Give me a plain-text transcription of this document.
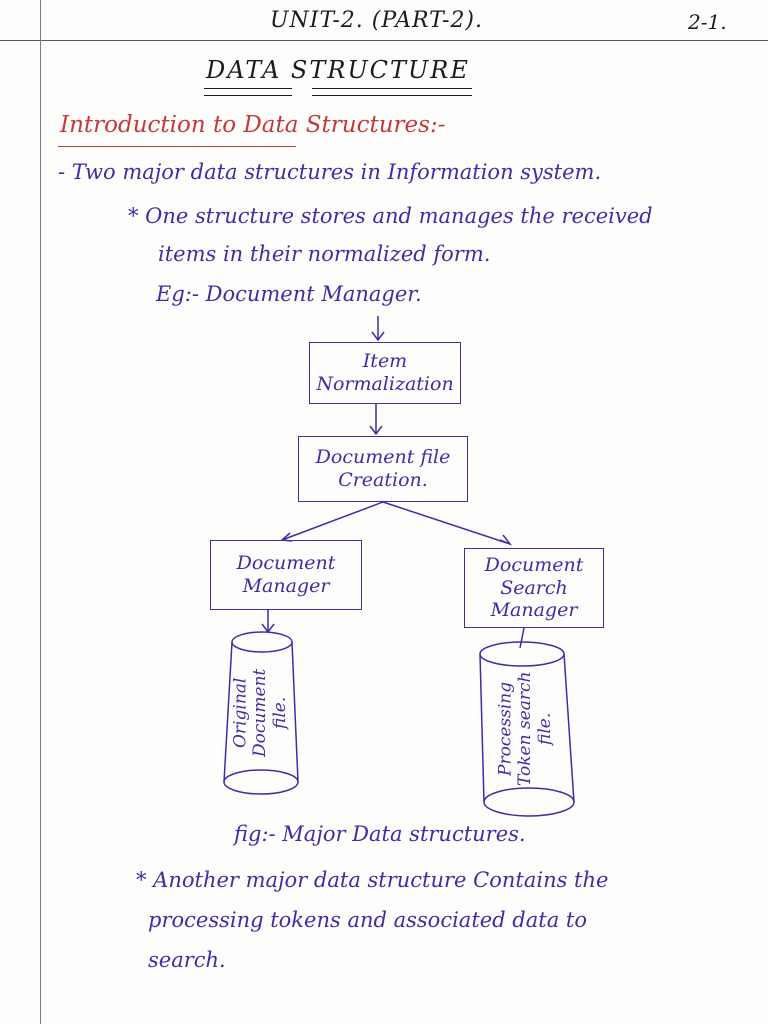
UNIT-2. (PART-2).	2-1.
DATA STRUCTURE
Introduction to Data Structures:-
- Two major data structures in Information system.
* One structure stores and manages the received
items in their normalized form.
Eg:- Document Manager.
Item Normalization
Document file Creation.
Document Manager
Document Search Manager
Original Document file.	Processing Token search file.
fig:- Major Data structures.
* Another major data structure Contains the
processing tokens and associated data to
search.
